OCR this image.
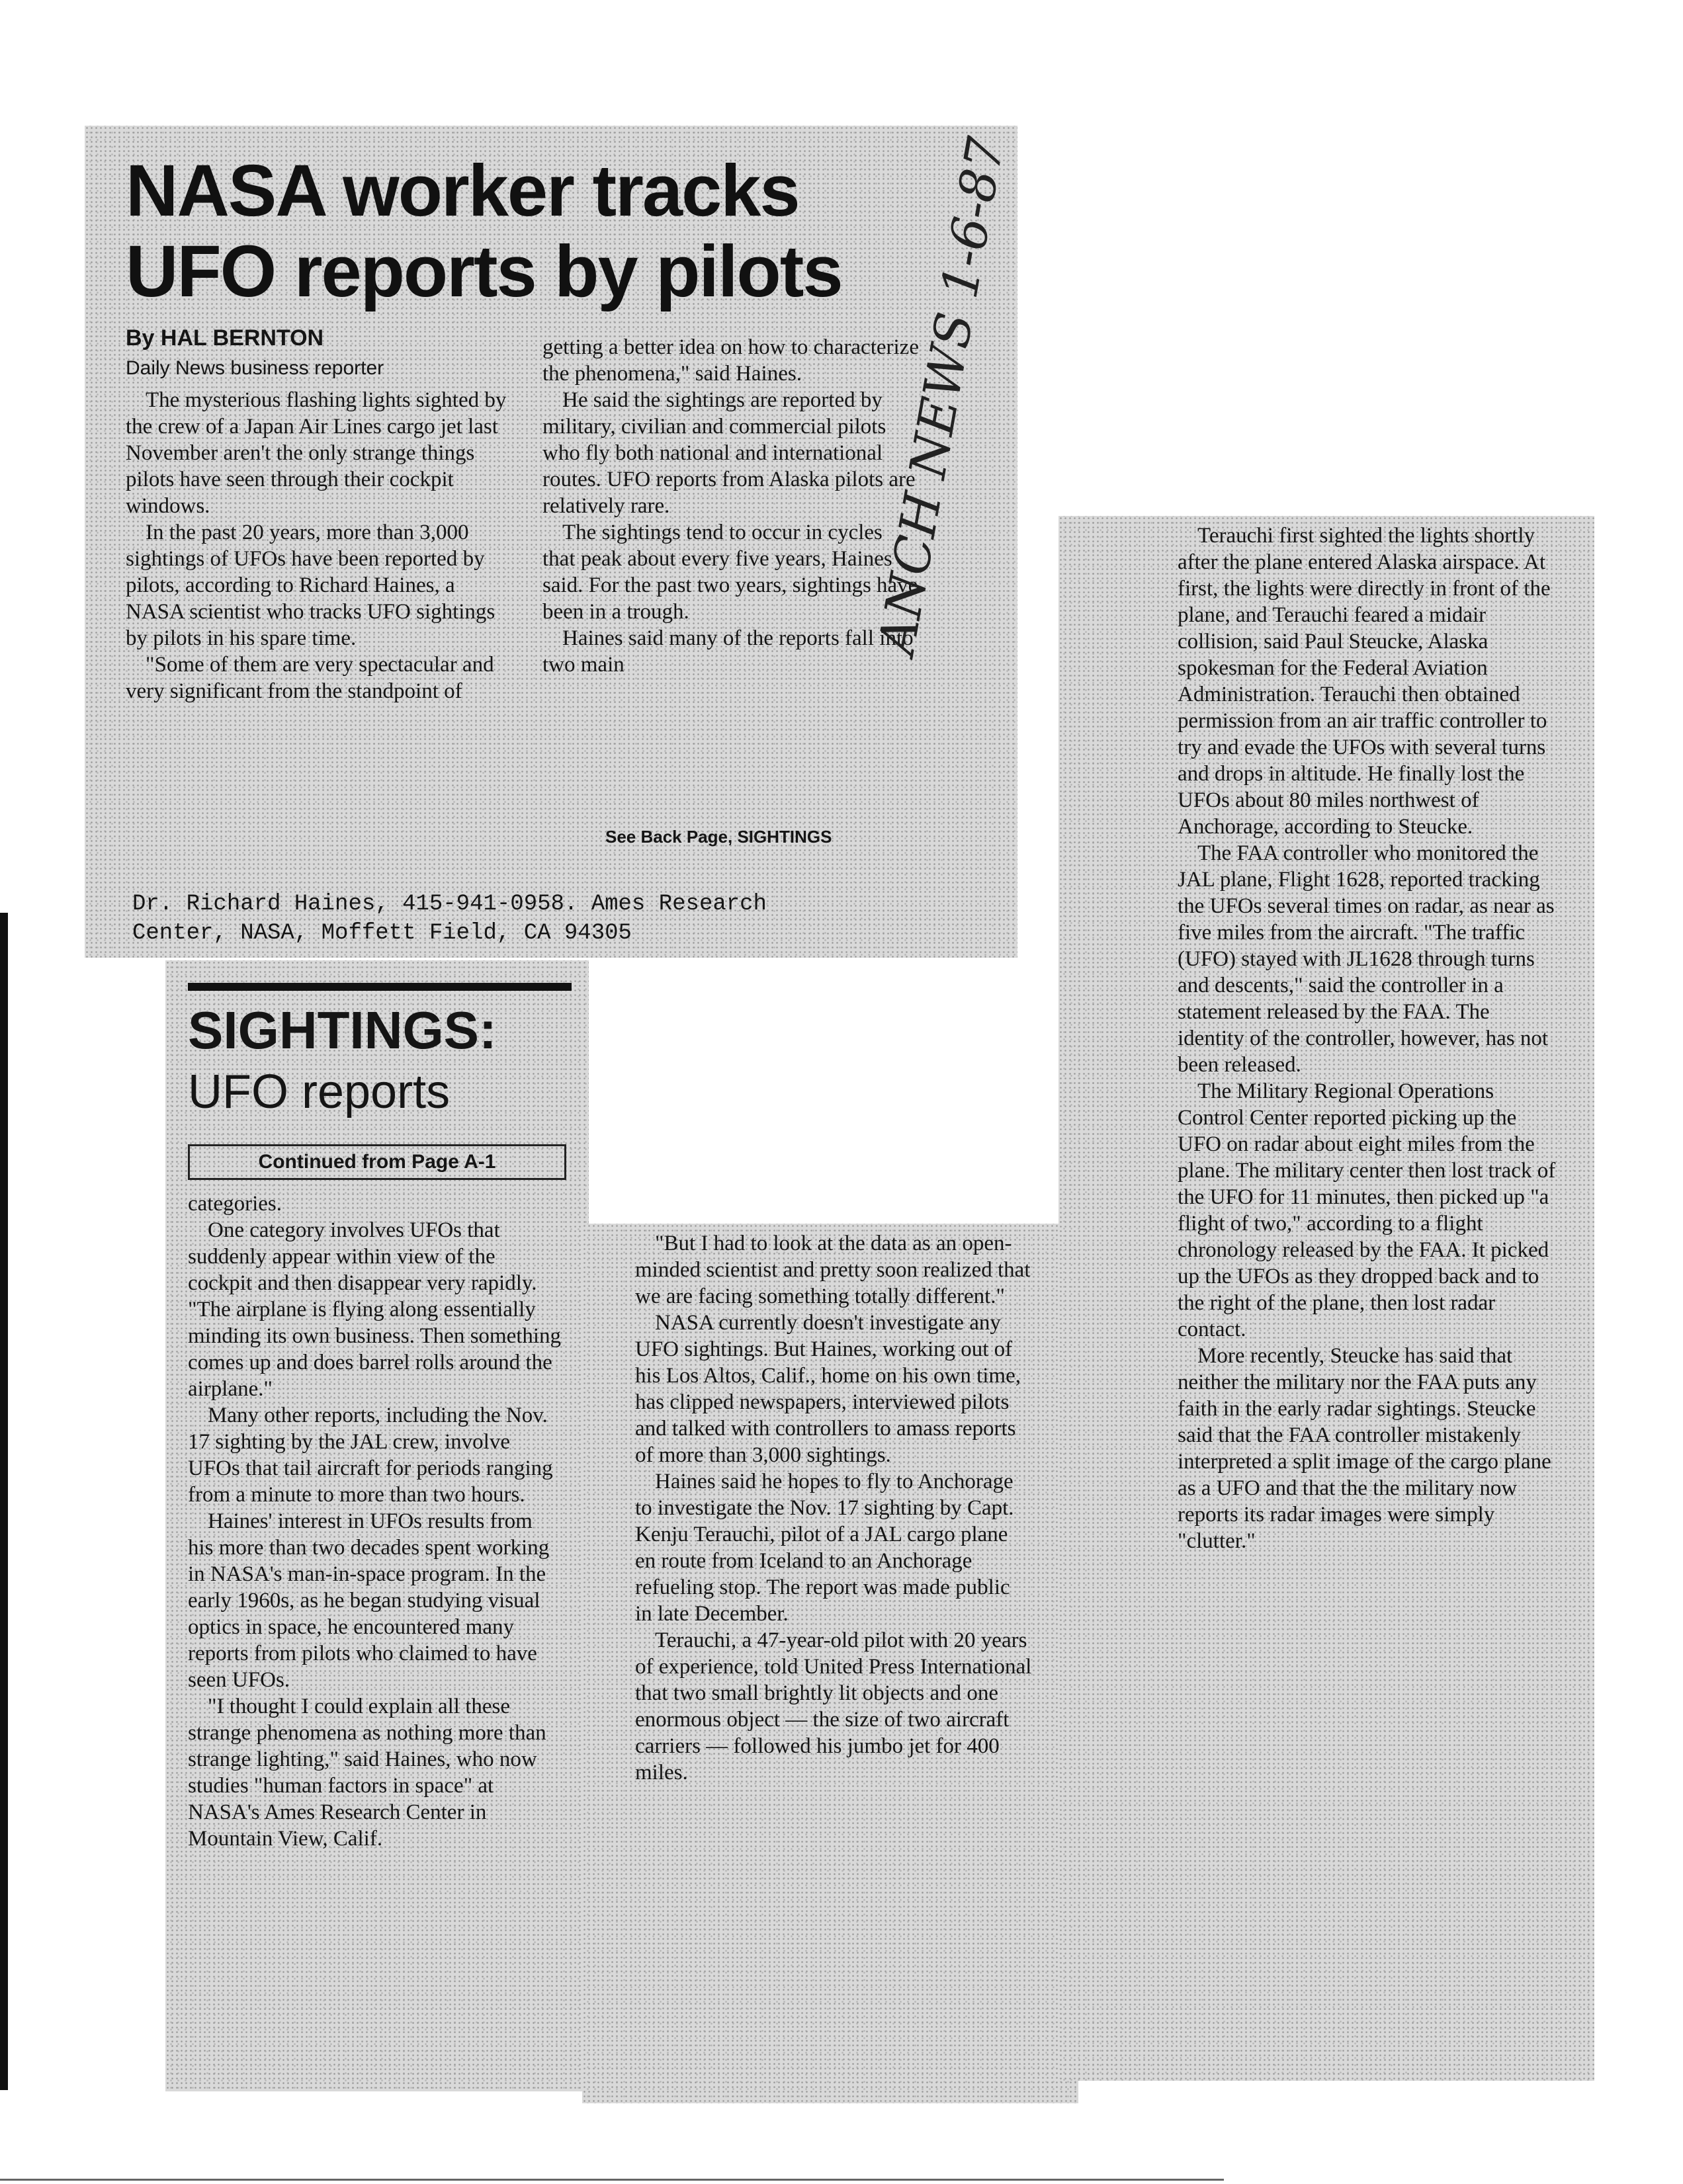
NASA worker tracks
UFO reports by pilots
By HAL BERNTON
Daily News business reporter

The mysterious flashing lights sighted by the crew of a Japan Air Lines cargo jet last November aren't the only strange things pilots have seen through their cockpit windows.

In the past 20 years, more than 3,000 sightings of UFOs have been reported by pilots, according to Richard Haines, a NASA scientist who tracks UFO sightings by pilots in his spare time.

"Some of them are very spectacular and very significant from the standpoint of

getting a better idea on how to characterize the phenomena," said Haines.

He said the sightings are reported by military, civilian and commercial pilots who fly both national and international routes. UFO reports from Alaska pilots are relatively rare.

The sightings tend to occur in cycles that peak about every five years, Haines said. For the past two years, sightings have been in a trough.

Haines said many of the reports fall into two main

See Back Page, SIGHTINGS
Dr. Richard Haines, 415-941-0958. Ames Research
Center, NASA, Moffett Field, CA 94305
ANCH NEWS 1-6-87
SIGHTINGS:
UFO reports
Continued from Page A-1

categories.

One category involves UFOs that suddenly appear within view of the cockpit and then disappear very rapidly. "The airplane is flying along essentially minding its own business. Then something comes up and does barrel rolls around the airplane."

Many other reports, including the Nov. 17 sighting by the JAL crew, involve UFOs that tail aircraft for periods ranging from a minute to more than two hours.

Haines' interest in UFOs results from his more than two decades spent working in NASA's man-in-space program. In the early 1960s, as he began studying visual optics in space, he encountered many reports from pilots who claimed to have seen UFOs.

"I thought I could explain all these strange phenomena as nothing more than strange lighting," said Haines, who now studies "human factors in space" at NASA's Ames Research Center in Mountain View, Calif.

"But I had to look at the data as an open-minded scientist and pretty soon realized that we are facing something totally different."

NASA currently doesn't investigate any UFO sightings. But Haines, working out of his Los Altos, Calif., home on his own time, has clipped newspapers, interviewed pilots and talked with controllers to amass reports of more than 3,000 sightings.

Haines said he hopes to fly to Anchorage to investigate the Nov. 17 sighting by Capt. Kenju Terauchi, pilot of a JAL cargo plane en route from Iceland to an Anchorage refueling stop. The report was made public in late December.

Terauchi, a 47-year-old pilot with 20 years of experience, told United Press International that two small brightly lit objects and one enormous object — the size of two aircraft carriers — followed his jumbo jet for 400 miles.

Terauchi first sighted the lights shortly after the plane entered Alaska airspace. At first, the lights were directly in front of the plane, and Terauchi feared a midair collision, said Paul Steucke, Alaska spokesman for the Federal Aviation Administration. Terauchi then obtained permission from an air traffic controller to try and evade the UFOs with several turns and drops in altitude. He finally lost the UFOs about 80 miles northwest of Anchorage, according to Steucke.

The FAA controller who monitored the JAL plane, Flight 1628, reported tracking the UFOs several times on radar, as near as five miles from the aircraft. "The traffic (UFO) stayed with JL1628 through turns and descents," said the controller in a statement released by the FAA. The identity of the controller, however, has not been released.

The Military Regional Operations Control Center reported picking up the UFO on radar about eight miles from the plane. The military center then lost track of the UFO for 11 minutes, then picked up "a flight of two," according to a flight chronology released by the FAA. It picked up the UFOs as they dropped back and to the right of the plane, then lost radar contact.

More recently, Steucke has said that neither the military nor the FAA puts any faith in the early radar sightings. Steucke said that the FAA controller mistakenly interpreted a split image of the cargo plane as a UFO and that the the military now reports its radar images were simply "clutter."
